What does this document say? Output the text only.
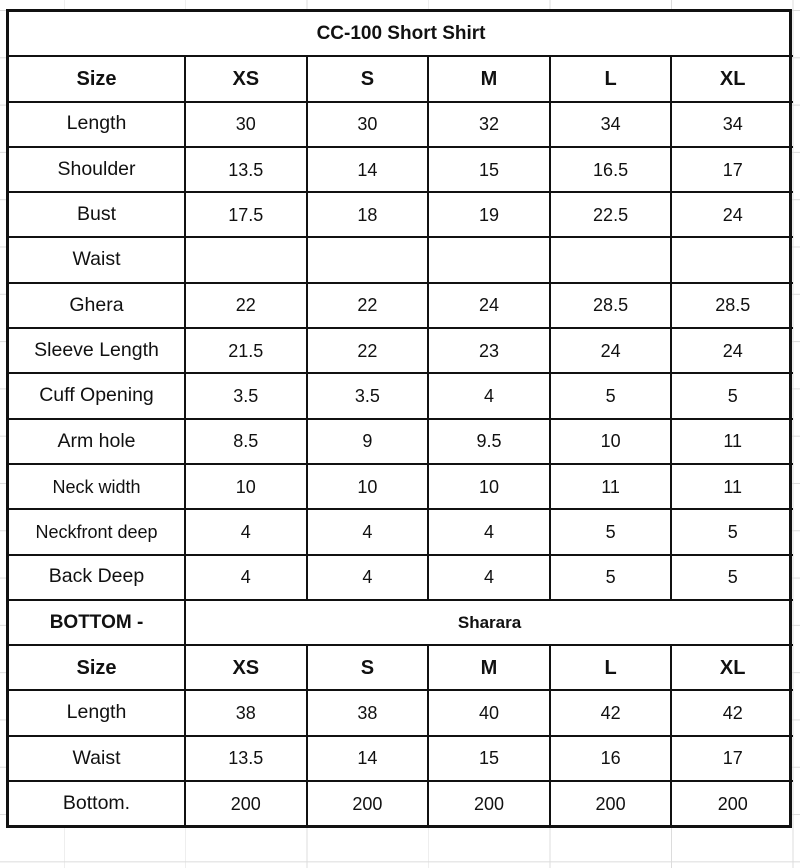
CC-100 Short Shirt					
Size	XS	S	M	L	XL
Length	30	30	32	34	34
Shoulder	13.5	14	15	16.5	17
Bust	17.5	18	19	22.5	24
Waist					
Ghera	22	22	24	28.5	28.5
Sleeve Length	21.5	22	23	24	24
Cuff Opening	3.5	3.5	4	5	5
Arm hole	8.5	9	9.5	10	11
Neck width	10	10	10	11	11
Neckfront deep	4	4	4	5	5
Back Deep	4	4	4	5	5
BOTTOM -	Sharara				
Size	XS	S	M	L	XL
Length	38	38	40	42	42
Waist	13.5	14	15	16	17
Bottom.	200	200	200	200	200
